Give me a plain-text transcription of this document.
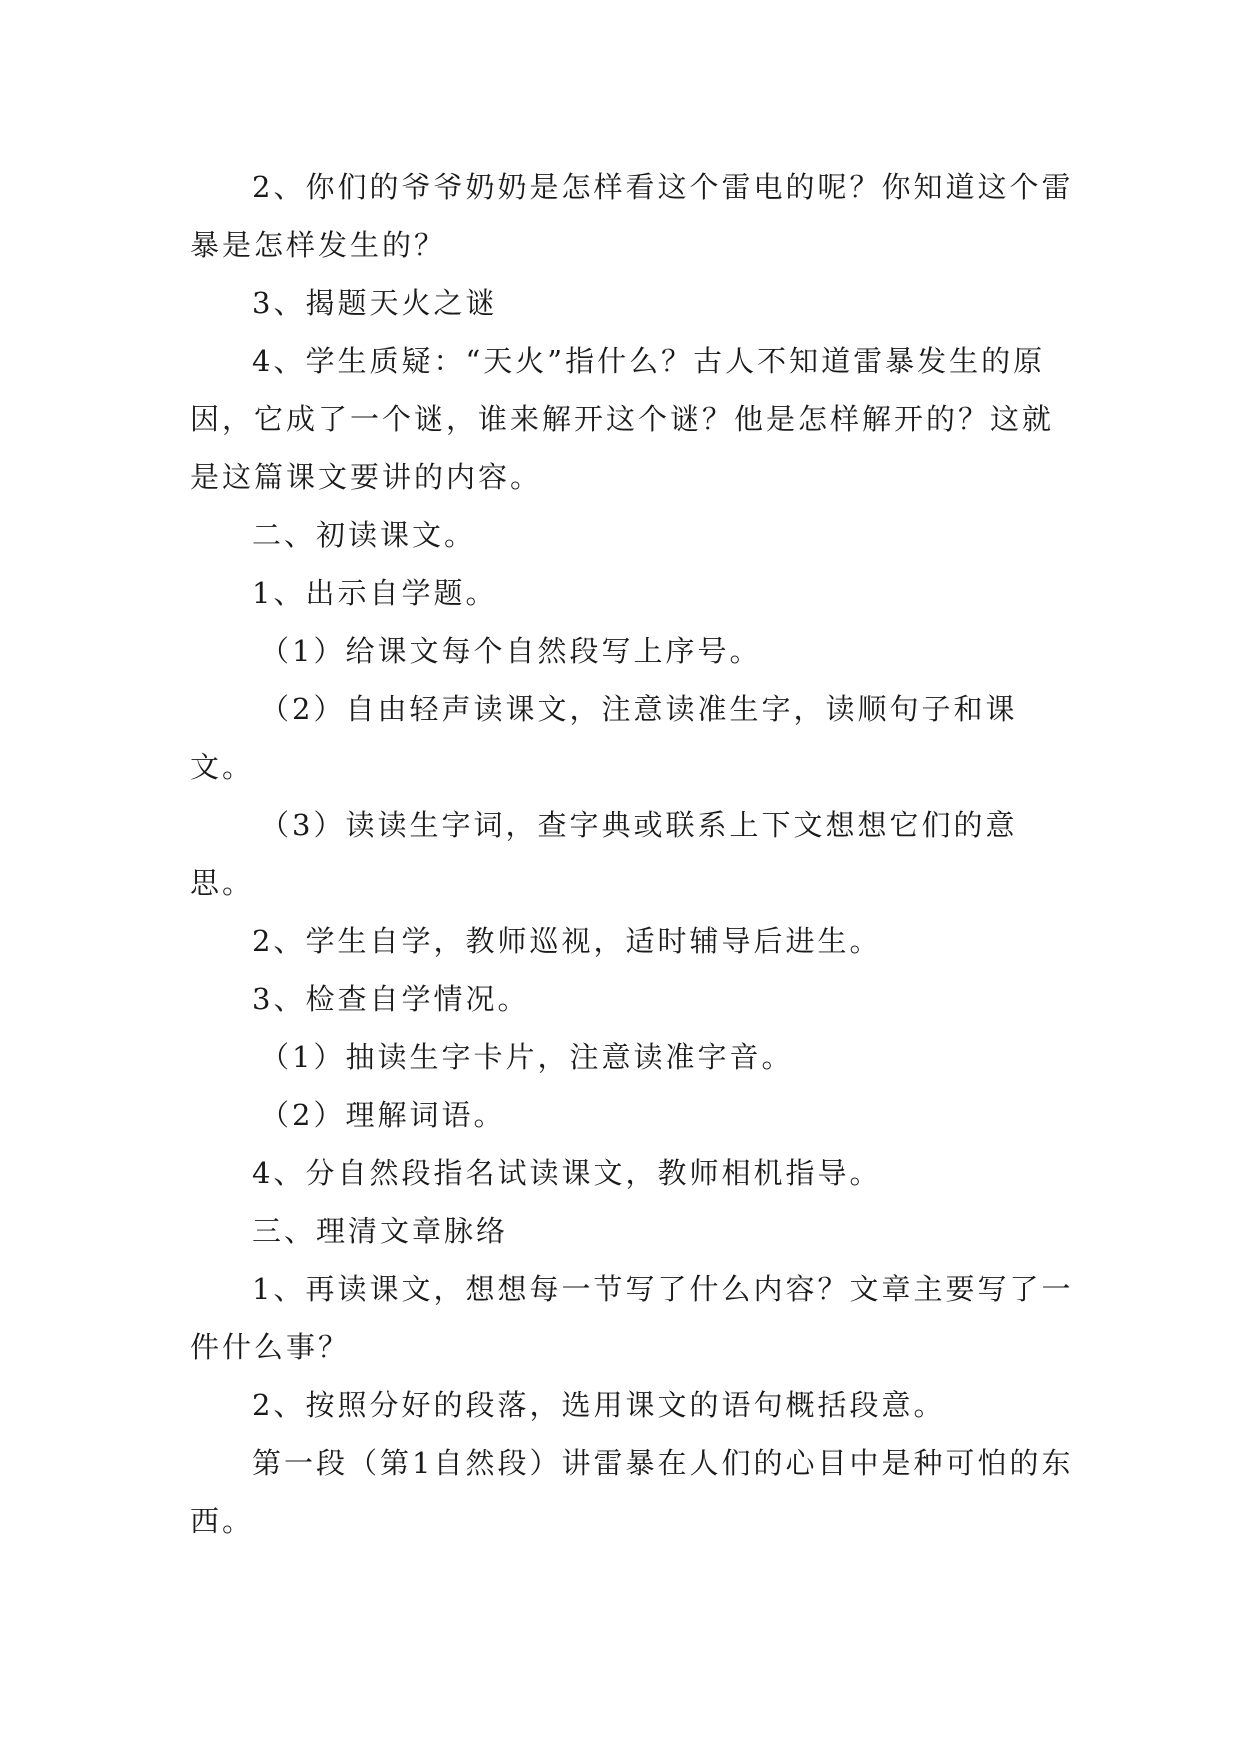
2、你们的爷爷奶奶是怎样看这个雷电的呢？你知道这个雷暴是怎样发生的？

3、揭题天火之谜

4、学生质疑：“天火”指什么？古人不知道雷暴发生的原因，它成了一个谜，谁来解开这个谜？他是怎样解开的？这就是这篇课文要讲的内容。

二、初读课文。

1、出示自学题。

（1）给课文每个自然段写上序号。

（2）自由轻声读课文，注意读准生字，读顺句子和课文。

（3）读读生字词，查字典或联系上下文想想它们的意思。

2、学生自学，教师巡视，适时辅导后进生。

3、检查自学情况。

（1）抽读生字卡片，注意读准字音。

（2）理解词语。

4、分自然段指名试读课文，教师相机指导。

三、理清文章脉络

1、再读课文，想想每一节写了什么内容？文章主要写了一件什么事？

2、按照分好的段落，选用课文的语句概括段意。

第一段（第1自然段）讲雷暴在人们的心目中是种可怕的东西。
